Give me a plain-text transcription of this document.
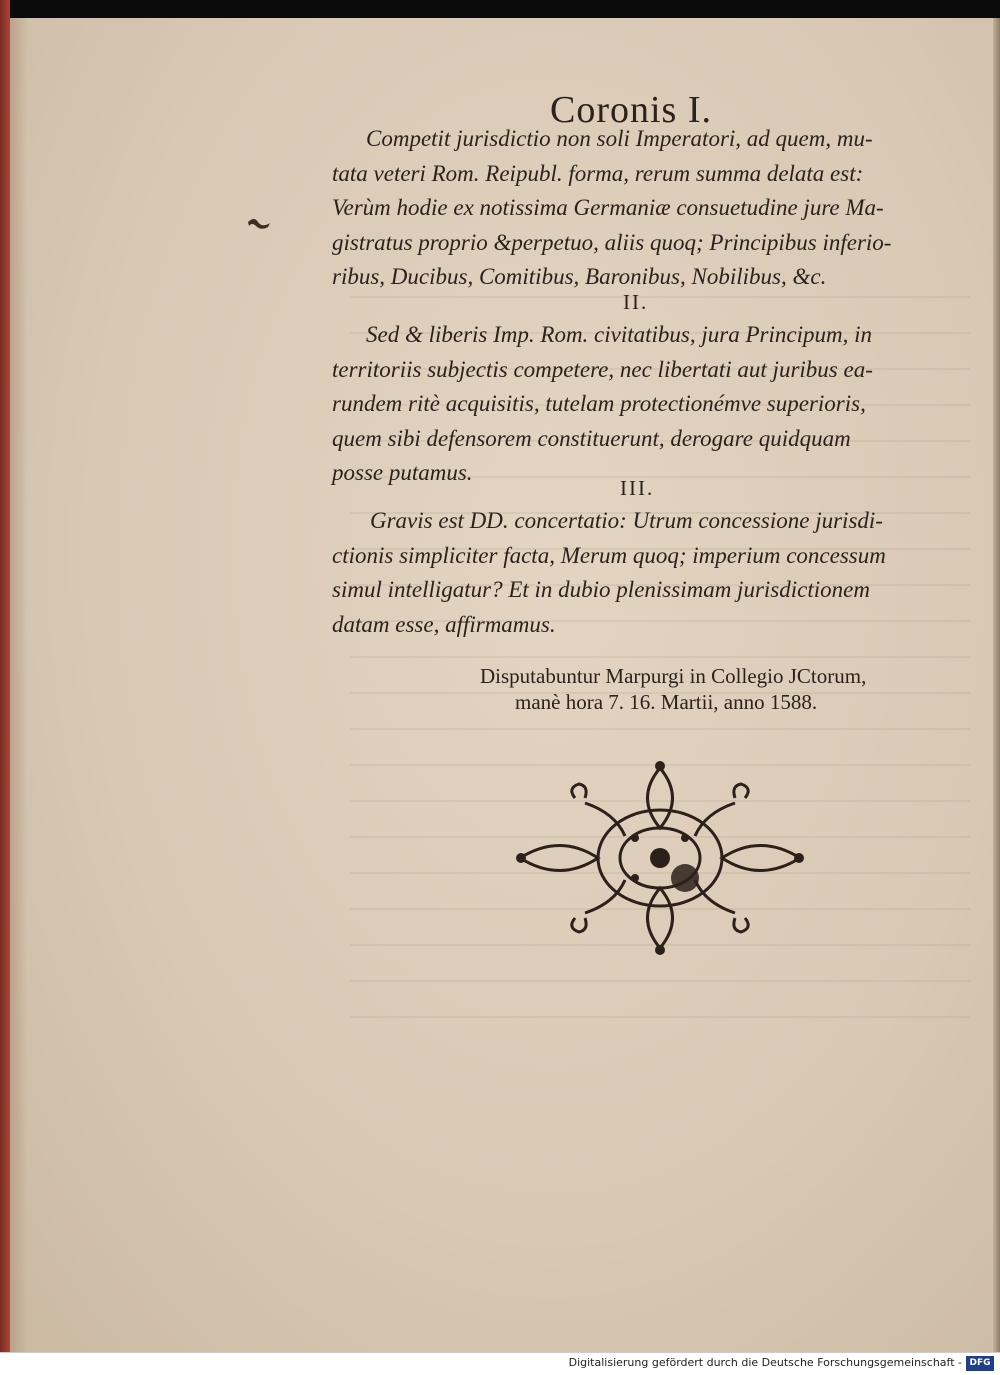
Coronis I.
Competit jurisdictio non soli Imperatori, ad quem, mu-
tata veteri Rom. Reipubl. forma, rerum summa delata est:
Verùm hodie ex notissima Germaniæ consuetudine jure Ma-
gistratus proprio &perpetuo, aliis quoq; Principibus inferio-
ribus, Ducibus, Comitibus, Baronibus, Nobilibus, &c.
II.
Sed & liberis Imp. Rom. civitatibus, jura Principum, in
territoriis subjectis competere, nec libertati aut juribus ea-
rundem ritè acquisitis, tutelam protectionémve superioris,
quem sibi defensorem constituerunt, derogare quidquam
posse putamus.
III.
Gravis est DD. concertatio: Utrum concessione jurisdi-
ctionis simpliciter facta, Merum quoq; imperium concessum
simul intelligatur? Et in dubio plenissimam jurisdictionem
datam esse, affirmamus.
Disputabuntur Marpurgi in Collegio JCtorum,
manè hora 7. 16. Martii, anno 1588.
Digitalisierung gefördert durch die Deutsche Forschungsgemeinschaft - DFG
